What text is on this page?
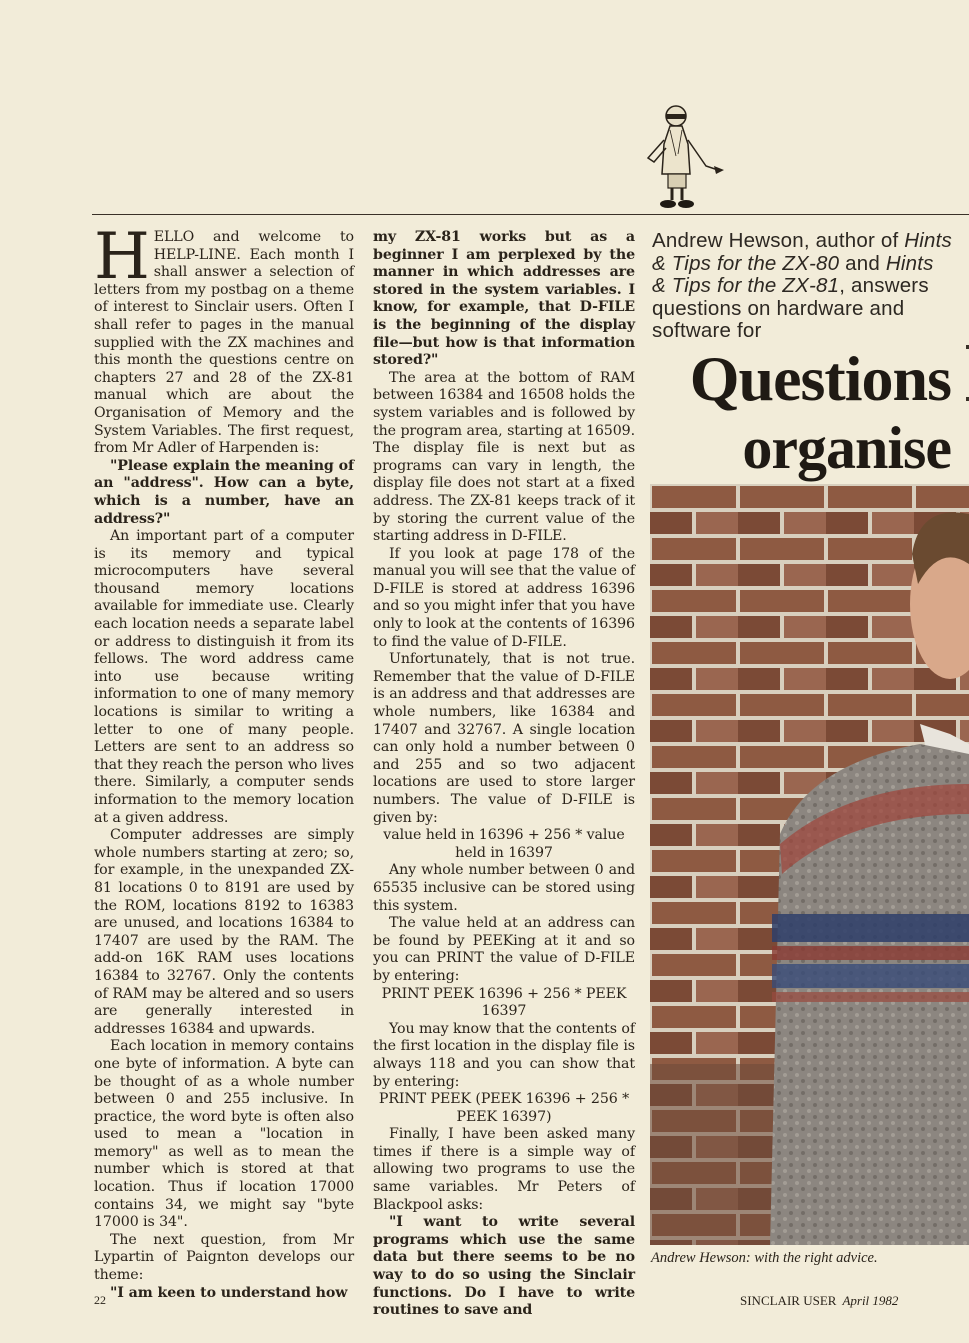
H ELLO and welcome to HELP-LINE. Each month I shall answer a selection of letters from my postbag on a theme of interest to Sinclair users. Often I shall refer to pages in the manual supplied with the ZX machines and this month the questions centre on chapters 27 and 28 of the ZX-81 manual which are about the Organisation of Memory and the System Variables. The first request, from Mr Adler of Harpenden is:

"Please explain the meaning of an "address". How can a byte, which is a number, have an address?"

An important part of a computer is its memory and typical microcomputers have several thousand memory locations available for immediate use. Clearly each location needs a separate label or address to distinguish it from its fellows. The word address came into use because writing information to one of many memory locations is similar to writing a letter to one of many people. Letters are sent to an address so that they reach the person who lives there. Similarly, a computer sends information to the memory location at a given address.

Computer addresses are simply whole numbers starting at zero; so, for example, in the unexpanded ZX-81 locations 0 to 8191 are used by the ROM, locations 8192 to 16383 are unused, and locations 16384 to 17407 are used by the RAM. The add-on 16K RAM uses locations 16384 to 32767. Only the contents of RAM may be altered and so users are generally interested in addresses 16384 and upwards.

Each location in memory contains one byte of information. A byte can be thought of as a whole number between 0 and 255 inclusive. In practice, the word byte is often also used to mean a "location in memory" as well as to mean the number which is stored at that location. Thus if location 17000 contains 34, we might say "byte 17000 is 34".

The next question, from Mr Lypartin of Paignton develops our theme:

"I am keen to understand how

my ZX-81 works but as a beginner I am perplexed by the manner in which addresses are stored in the system variables. I know, for example, that D-FILE is the beginning of the display file—but how is that information stored?"

The area at the bottom of RAM between 16384 and 16508 holds the system variables and is followed by the program area, starting at 16509. The display file is next but as programs can vary in length, the display file does not start at a fixed address. The ZX-81 keeps track of it by storing the current value of the starting address in D-FILE.

If you look at page 178 of the manual you will see that the value of D-FILE is stored at address 16396 and so you might infer that you have only to look at the contents of 16396 to find the value of D-FILE.

Unfortunately, that is not true. Remember that the value of D-FILE is an address and that addresses are whole numbers, like 16384 and 17407 and 32767. A single location can only hold a number between 0 and 255 and so two adjacent locations are used to store larger numbers. The value of D-FILE is given by:

value held in 16396 + 256 * value held in 16397

Any whole number between 0 and 65535 inclusive can be stored using this system.

The value held at an address can be found by PEEKing at it and so you can PRINT the value of D-FILE by entering:

PRINT PEEK 16396 + 256 * PEEK 16397

You may know that the contents of the first location in the display file is always 118 and you can show that by entering:

PRINT PEEK (PEEK 16396 + 256 * PEEK 16397)

Finally, I have been asked many times if there is a simple way of allowing two programs to use the same variables. Mr Peters of Blackpool asks:

"I want to write several programs which use the same data but there seems to be no way to do so using the Sinclair functions. Do I have to write routines to save and

Andrew Hewson, author of Hints & Tips for the ZX-80 and Hints & Tips for the ZX-81, answers questions on hardware and software for
Questions
organise
Andrew Hewson: with the right advice.
22	SINCLAIR USER April 1982
